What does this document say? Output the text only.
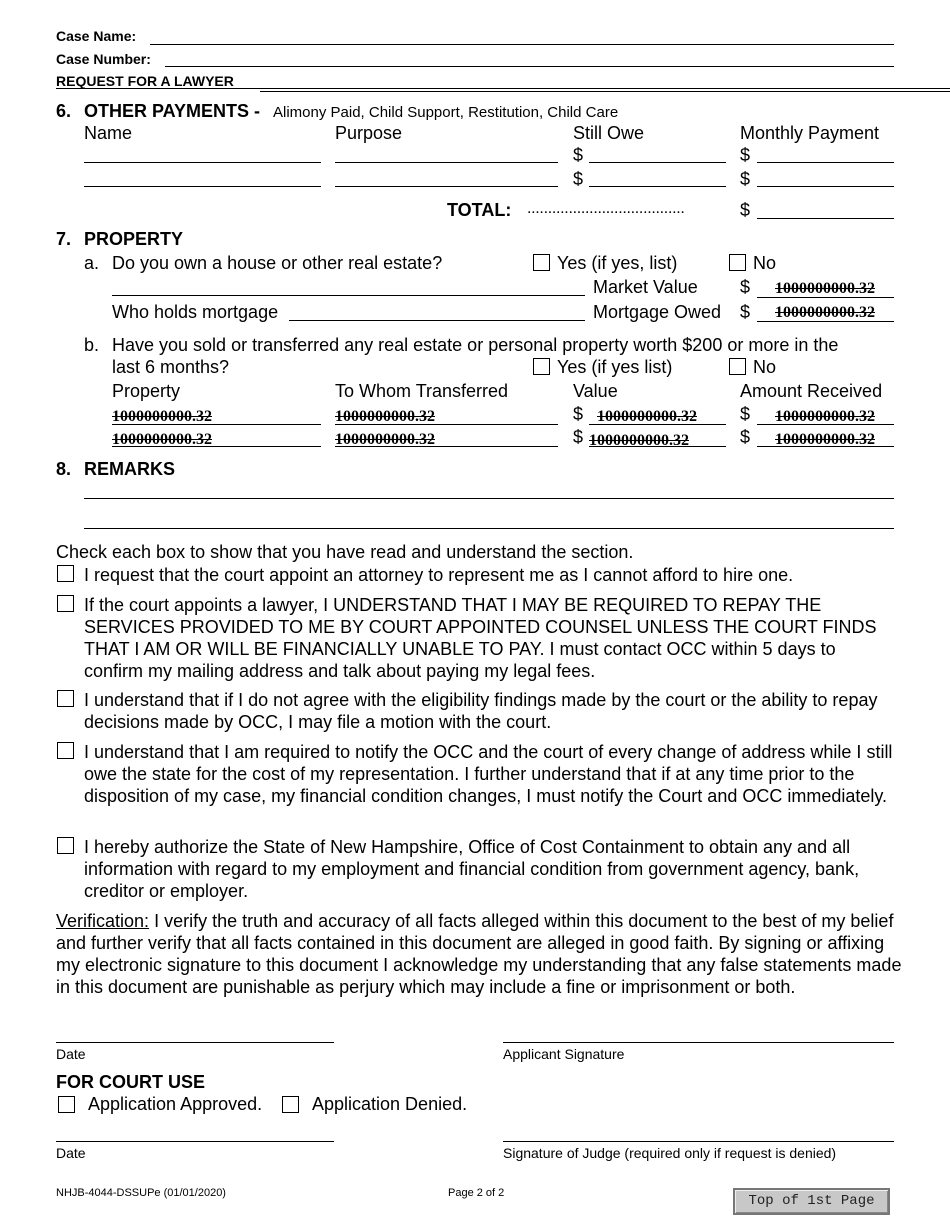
Case Name:
Case Number:
REQUEST FOR A LAWYER
6. OTHER PAYMENTS - Alimony Paid, Child Support, Restitution, Child Care
Name	Purpose	Still Owe	Monthly Payment
$	$
$	$
TOTAL: ......................................	$
7. PROPERTY
a. Do you own a house or other real estate?	Yes (if yes, list)	No
Market Value $ 1000000000.32
Who holds mortgage	Mortgage Owed $ 1000000000.32
b. Have you sold or transferred any real estate or personal property worth $200 or more in the
last 6 months?	Yes (if yes list)	No
Property	To Whom Transferred	Value	Amount Received
1000000000.32	1000000000.32	$ 1000000000.32 $ 1000000000.32
1000000000.32	1000000000.32	$ 1000000000.32	$ 1000000000.32
8. REMARKS
Check each box to show that you have read and understand the section.
I request that the court appoint an attorney to represent me as I cannot afford to hire one.
If the court appoints a lawyer, I UNDERSTAND THAT I MAY BE REQUIRED TO REPAY THE SERVICES PROVIDED TO ME BY COURT APPOINTED COUNSEL UNLESS THE COURT FINDS THAT I AM OR WILL BE FINANCIALLY UNABLE TO PAY. I must contact OCC within 5 days to confirm my mailing address and talk about paying my legal fees.
I understand that if I do not agree with the eligibility findings made by the court or the ability to repay decisions made by OCC, I may file a motion with the court.
I understand that I am required to notify the OCC and the court of every change of address while I still owe the state for the cost of my representation. I further understand that if at any time prior to the disposition of my case, my financial condition changes, I must notify the Court and OCC immediately.
I hereby authorize the State of New Hampshire, Office of Cost Containment to obtain any and all information with regard to my employment and financial condition from government agency, bank, creditor or employer.
Verification: I verify the truth and accuracy of all facts alleged within this document to the best of my belief and further verify that all facts contained in this document are alleged in good faith. By signing or affixing my electronic signature to this document I acknowledge my understanding that any false statements made in this document are punishable as perjury which may include a fine or imprisonment or both.
Date	Applicant Signature
FOR COURT USE
Application Approved.	Application Denied.
Date	Signature of Judge (required only if request is denied)
NHJB-4044-DSSUPe (01/01/2020)	Page 2 of 2	Top of 1st Page
